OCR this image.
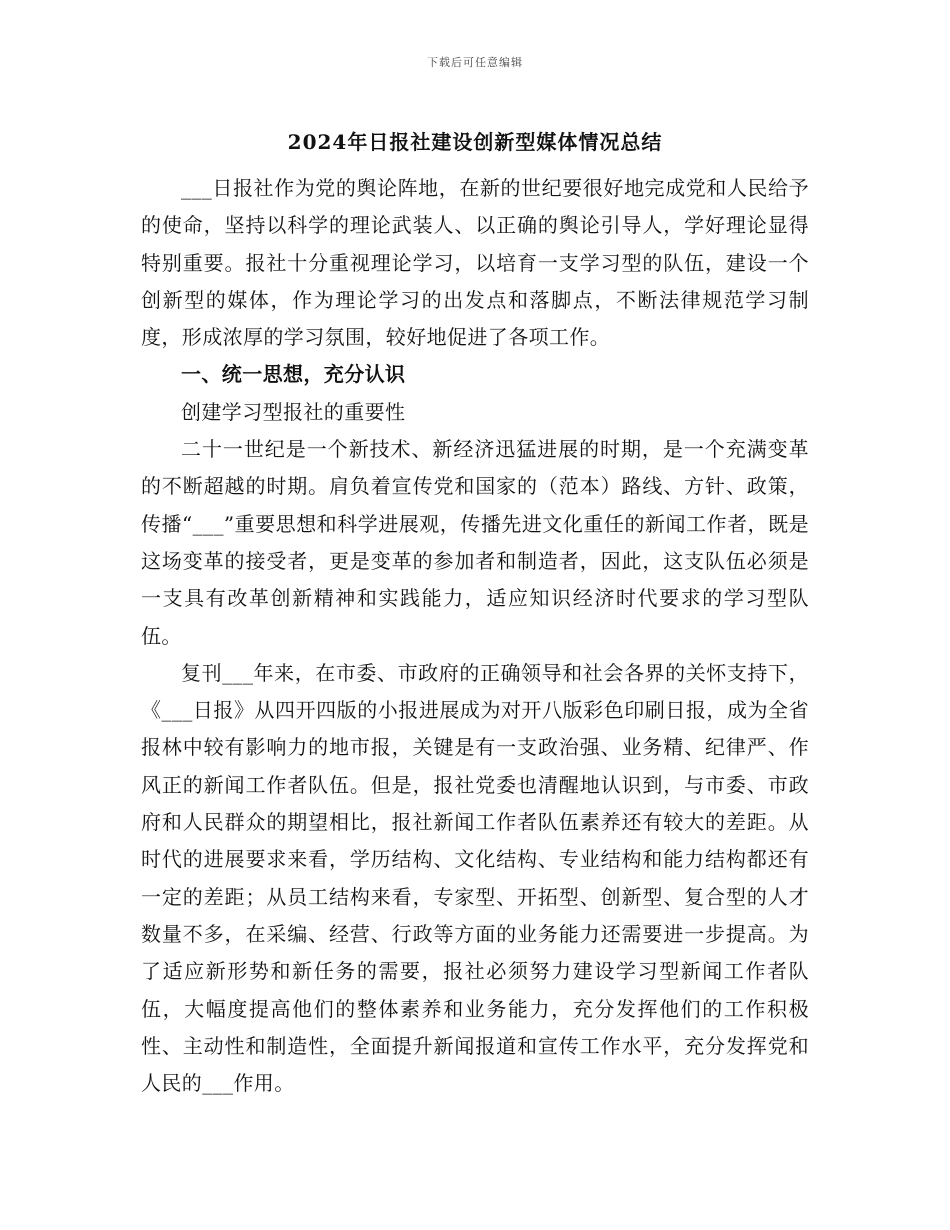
下载后可任意编辑
2024年日报社建设创新型媒体情况总结

___日报社作为党的舆论阵地，在新的世纪要很好地完成党和人民给予的使命，坚持以科学的理论武装人、以正确的舆论引导人，学好理论显得特别重要。报社十分重视理论学习，以培育一支学习型的队伍，建设一个创新型的媒体，作为理论学习的出发点和落脚点，不断法律规范学习制度，形成浓厚的学习氛围，较好地促进了各项工作。

一、统一思想，充分认识

创建学习型报社的重要性

二十一世纪是一个新技术、新经济迅猛进展的时期，是一个充满变革的不断超越的时期。肩负着宣传党和国家的（范本）路线、方针、政策，传播“___”重要思想和科学进展观，传播先进文化重任的新闻工作者，既是这场变革的接受者，更是变革的参加者和制造者，因此，这支队伍必须是一支具有改革创新精神和实践能力，适应知识经济时代要求的学习型队伍。

复刊___年来，在市委、市政府的正确领导和社会各界的关怀支持下，《___日报》从四开四版的小报进展成为对开八版彩色印刷日报，成为全省报林中较有影响力的地市报，关键是有一支政治强、业务精、纪律严、作风正的新闻工作者队伍。但是，报社党委也清醒地认识到，与市委、市政府和人民群众的期望相比，报社新闻工作者队伍素养还有较大的差距。从时代的进展要求来看，学历结构、文化结构、专业结构和能力结构都还有一定的差距；从员工结构来看，专家型、开拓型、创新型、复合型的人才数量不多，在采编、经营、行政等方面的业务能力还需要进一步提高。为了适应新形势和新任务的需要，报社必须努力建设学习型新闻工作者队伍，大幅度提高他们的整体素养和业务能力，充分发挥他们的工作积极性、主动性和制造性，全面提升新闻报道和宣传工作水平，充分发挥党和人民的___作用。
